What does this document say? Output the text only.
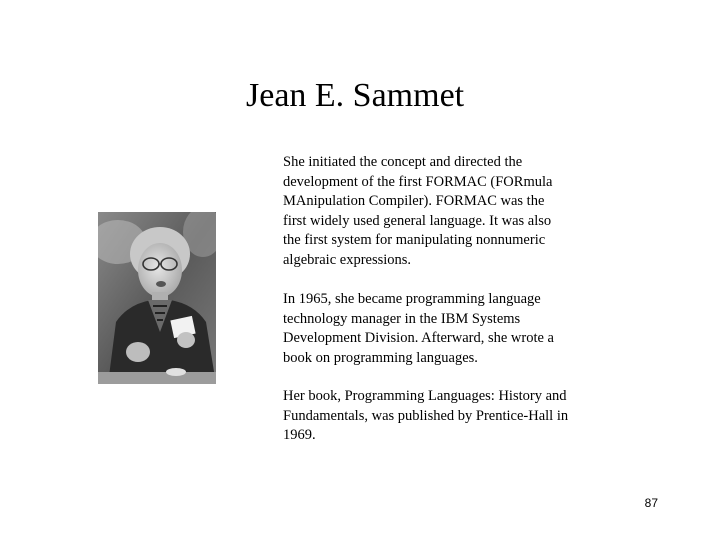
Jean E. Sammet

She initiated the concept and directed the
development of the first FORMAC (FORmula
MAnipulation Compiler). FORMAC was the
first widely used general language. It was also
the first system for manipulating nonnumeric
algebraic expressions.

In 1965, she became programming language
technology manager in the IBM Systems
Development Division. Afterward, she wrote a
book on programming languages.

Her book, Programming Languages: History and
Fundamentals, was published by Prentice-Hall in
1969.

87
